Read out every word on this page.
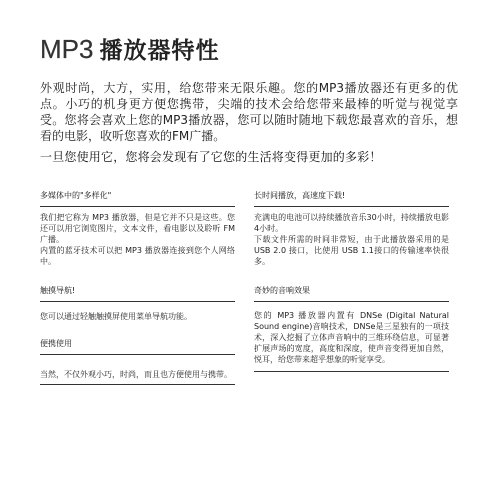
MP3 播放器特性

外观时尚，大方，实用，给您带来无限乐趣。您的MP3播放器还有更多的优点。小巧的机身更方便您携带，尖端的技术会给您带来最棒的听觉与视觉享受。您将会喜欢上您的MP3播放器，您可以随时随地下载您最喜欢的音乐，想看的电影，收听您喜欢的FM广播。

一旦您使用它，您将会发现有了它您的生活将变得更加的多彩！

多媒体中的"多样化"

我们把它称为 MP3 播放器，但是它并不只是这些。您还可以用它浏览图片，文本文件，看电影以及聆听 FM 广播。

内置的蓝牙技术可以把 MP3 播放器连接到您个人网络中。

触摸导航!

您可以通过轻触触摸屏使用菜单导航功能。

便携使用

当然，不仅外观小巧，时尚，而且也方便使用与携带。

长时间播放，高速度下载!

充满电的电池可以持续播放音乐30小时，持续播放电影4小时。

下载文件所需的时间非常短，由于此播放器采用的是 USB 2.0 接口，比使用 USB 1.1接口的传输速率快很多。

奇妙的音响效果

您的 MP3 播放器内置有 DNSe (Digital Natural Sound engine)音响技术，DNSe是三星独有的一项技术，深入挖掘了立体声音响中的三维环绕信息，可显著扩展声场的宽度，高度和深度，使声音变得更加自然，悦耳，给您带来超乎想象的听觉享受。
